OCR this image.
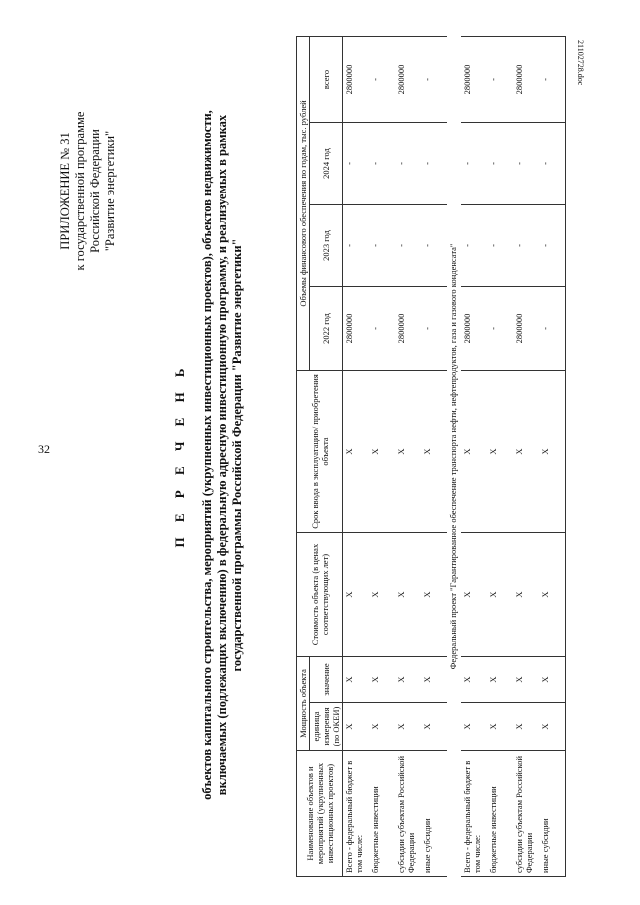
32
21102728.doc
ПРИЛОЖЕНИЕ № 31 к государственной программе Российской Федерации "Развитие энергетики"
П Е Р Е Ч Е Н Ь объектов капитального строительства, мероприятий (укрупненных инвестиционных проектов), объектов недвижимости, включаемых (подлежащих включению) в федеральную адресную инвестиционную программу, и реализуемых в рамках государственной программы Российской Федерации "Развитие энергетики"
Наименование объектов и мероприятий (укрупненных инвестиционных проектов)	Мощность объекта		Стоимость объекта (в ценах соответствующих лет)	Срок ввода в эксплуатацию/ приобретения объекта	Объемы финансового обеспечения по годам, тыс. рублей			
	единица измерения (по ОКЕИ)	значение			2022 год	2023 год	2024 год	всего
Всего - федеральный бюджет в том числе:	X	X	X	X	2800000	-	-	2800000
бюджетные инвестиции	X	X	X	X	-	-	-	-
субсидии субъектам Российской Федерации	X	X	X	X	2800000	-	-	2800000
иные субсидии	X	X	X	X	-	-	-	-
Федеральный проект "Гарантированное обеспечение транспорта нефти, нефтепродуктов, газа и газового конденсата"								
Всего - федеральный бюджет в том числе:	X	X	X	X	2800000	-	-	2800000
бюджетные инвестиции	X	X	X	X	-	-	-	-
субсидии субъектам Российской Федерации	X	X	X	X	2800000	-	-	2800000
иные субсидии	X	X	X	X	-	-	-	-
